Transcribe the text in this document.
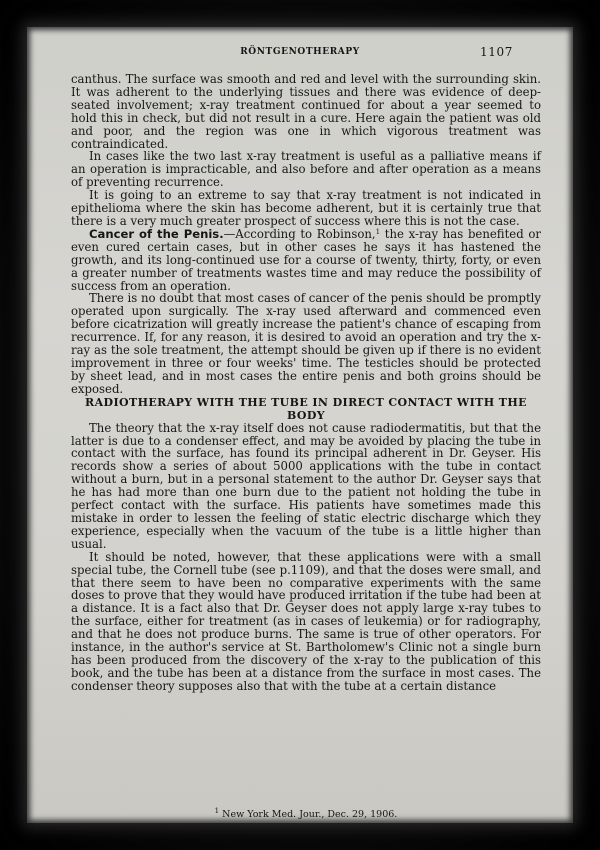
RÖNTGENOTHERAPY	1107

canthus. The surface was smooth and red and level with the surrounding skin. It was adherent to the underlying tissues and there was evidence of deep-seated involvement; x-ray treatment continued for about a year seemed to hold this in check, but did not result in a cure. Here again the patient was old and poor, and the region was one in which vigorous treatment was contraindicated.

In cases like the two last x-ray treatment is useful as a palliative means if an operation is impracticable, and also before and after operation as a means of preventing recurrence.

It is going to an extreme to say that x-ray treatment is not indicated in epithelioma where the skin has become adherent, but it is certainly true that there is a very much greater prospect of success where this is not the case.

Cancer of the Penis.—According to Robinson,$^1$ the x-ray has benefited or even cured certain cases, but in other cases he says it has hastened the growth, and its long-continued use for a course of twenty, thirty, forty, or even a greater number of treatments wastes time and may reduce the possibility of success from an operation.

There is no doubt that most cases of cancer of the penis should be promptly operated upon surgically. The x-ray used afterward and commenced even before cicatrization will greatly increase the patient's chance of escaping from recurrence. If, for any reason, it is desired to avoid an operation and try the x-ray as the sole treatment, the attempt should be given up if there is no evident improvement in three or four weeks' time. The testicles should be protected by sheet lead, and in most cases the entire penis and both groins should be exposed.

RADIOTHERAPY WITH THE TUBE IN DIRECT CONTACT WITH THE BODY

The theory that the x-ray itself does not cause radiodermatitis, but that the latter is due to a condenser effect, and may be avoided by placing the tube in contact with the surface, has found its principal adherent in Dr. Geyser. His records show a series of about 5000 applications with the tube in contact without a burn, but in a personal statement to the author Dr. Geyser says that he has had more than one burn due to the patient not holding the tube in perfect contact with the surface. His patients have sometimes made this mistake in order to lessen the feeling of static electric discharge which they experience, especially when the vacuum of the tube is a little higher than usual.

It should be noted, however, that these applications were with a small special tube, the Cornell tube (see p.1109), and that the doses were small, and that there seem to have been no comparative experiments with the same doses to prove that they would have produced irritation if the tube had been at a distance. It is a fact also that Dr. Geyser does not apply large x-ray tubes to the surface, either for treatment (as in cases of leukemia) or for radiography, and that he does not produce burns. The same is true of other operators. For instance, in the author's service at St. Bartholomew's Clinic not a single burn has been produced from the discovery of the x-ray to the publication of this book, and the tube has been at a distance from the surface in most cases. The condenser theory supposes also that with the tube at a certain distance

$^1$ New York Med. Jour., Dec. 29, 1906.
